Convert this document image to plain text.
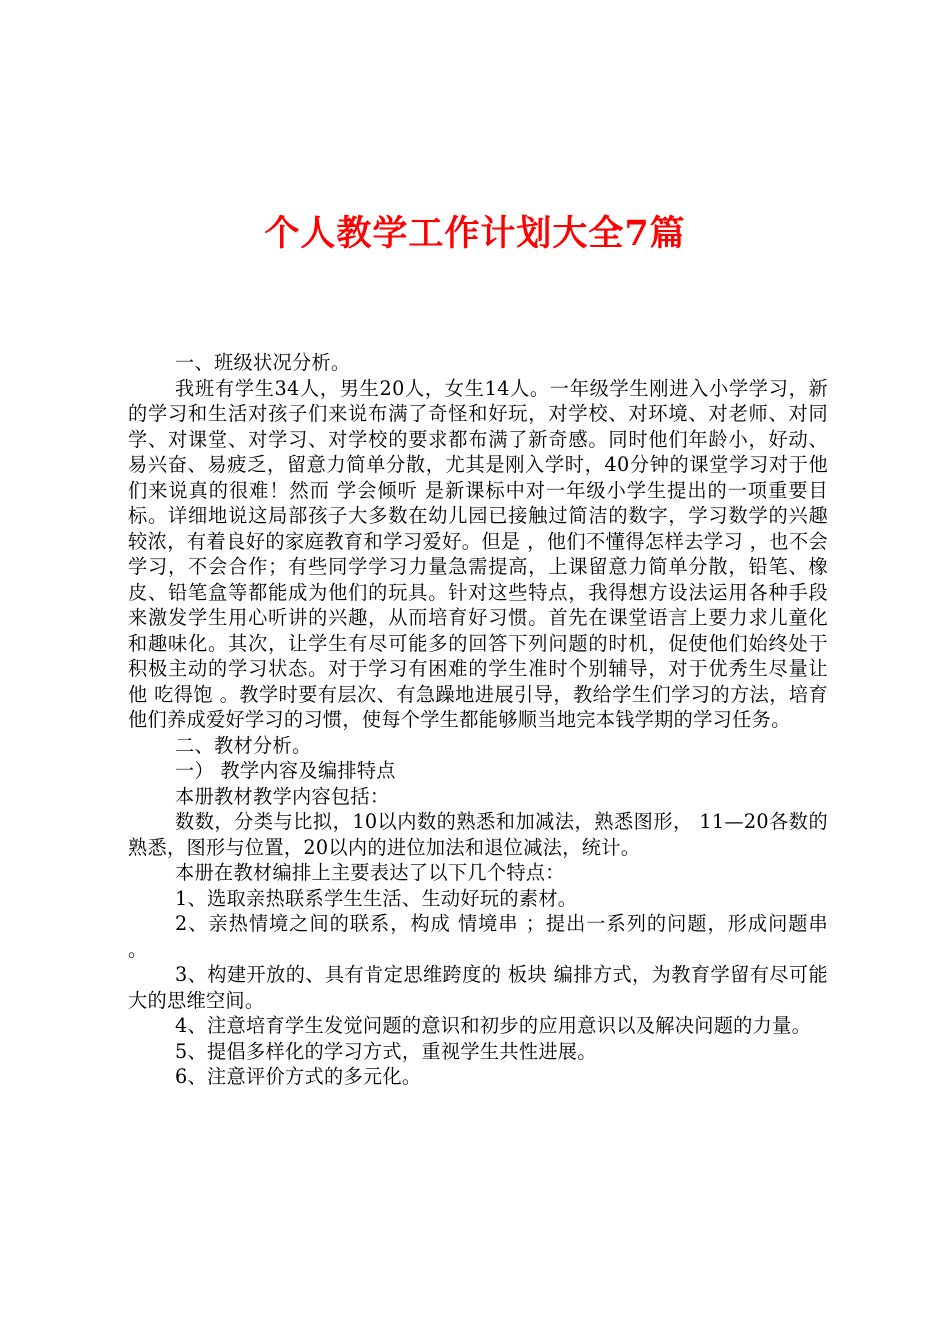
个人教学工作计划大全7篇

一、班级状况分析。

我班有学生34人，男生20人，女生14人。一年级学生刚进入小学学习，新的学习和生活对孩子们来说布满了奇怪和好玩，对学校、对环境、对老师、对同学、对课堂、对学习、对学校的要求都布满了新奇感。同时他们年龄小，好动、易兴奋、易疲乏，留意力简单分散，尤其是刚入学时，40分钟的课堂学习对于他们来说真的很难！然而 学会倾听 是新课标中对一年级小学生提出的一项重要目标。详细地说这局部孩子大多数在幼儿园已接触过简洁的数字，学习数学的兴趣较浓，有着良好的家庭教育和学习爱好。但是 ，他们不懂得怎样去学习 ，也不会学习，不会合作；有些同学学习力量急需提高，上课留意力简单分散，铅笔、橡皮、铅笔盒等都能成为他们的玩具。针对这些特点，我得想方设法运用各种手段来激发学生用心听讲的兴趣，从而培育好习惯。首先在课堂语言上要力求儿童化和趣味化。其次，让学生有尽可能多的回答下列问题的时机，促使他们始终处于积极主动的学习状态。对于学习有困难的学生准时个别辅导，对于优秀生尽量让他 吃得饱 。教学时要有层次、有急躁地进展引导，教给学生们学习的方法，培育他们养成爱好学习的习惯，使每个学生都能够顺当地完本钱学期的学习任务。

二、教材分析。

一） 教学内容及编排特点

本册教材教学内容包括：

数数，分类与比拟，10以内数的熟悉和加减法，熟悉图形， 11—20各数的熟悉，图形与位置，20以内的进位加法和退位减法，统计。

本册在教材编排上主要表达了以下几个特点：

1、选取亲热联系学生生活、生动好玩的素材。

2、亲热情境之间的联系，构成 情境串 ；提出一系列的问题，形成问题串 。

3、构建开放的、具有肯定思维跨度的 板块 编排方式，为教育学留有尽可能大的思维空间。

4、注意培育学生发觉问题的意识和初步的应用意识以及解决问题的力量。

5、提倡多样化的学习方式，重视学生共性进展。

6、注意评价方式的多元化。
